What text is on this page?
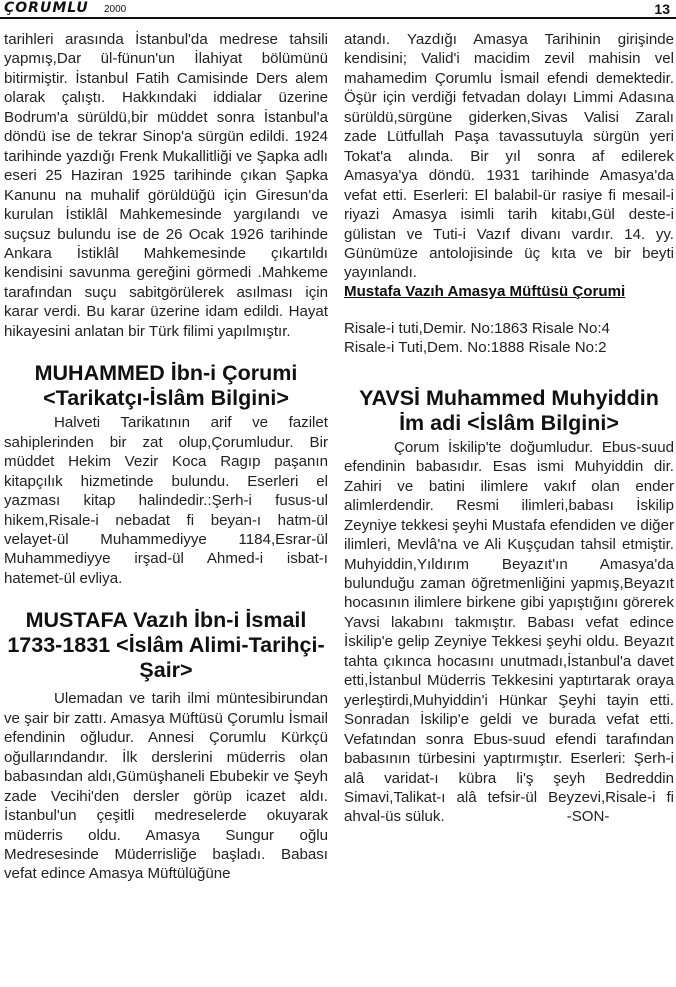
ÇORUMLU 2000	13

tarihleri arasında İstanbul'da medrese tahsili yapmış,Dar ül-fünun'un İlahiyat bölümünü bitirmiştir. İstanbul Fatih Camisinde Ders alem olarak çalıştı. Hakkındaki iddialar üzerine Bodrum'a sürüldü,bir müddet sonra İstanbul'a döndü ise de tekrar Sinop'a sürgün edildi. 1924 tarihinde yazdığı Frenk Mukallitliği ve Şapka adlı eseri 25 Haziran 1925 tarihinde çıkan Şapka Kanunu na muhalif görüldüğü için Giresun'da kurulan İstiklâl Mahkemesinde yargılandı ve suçsuz bulundu ise de 26 Ocak 1926 tarihinde Ankara İstiklâl Mahkemesinde çıkartıldı kendisini savunma gereğini görmedi .Mahkeme tarafından suçu sabitgörülerek asılması için karar verdi. Bu karar üzerine idam edildi. Hayat hikayesini anlatan bir Türk filimi yapılmıştır.

MUHAMMED İbn-i Çorumi <Tarikatçı-İslâm Bilgini>

Halveti Tarikatının arif ve fazilet sahiplerinden bir zat olup,Çorumludur. Bir müddet Hekim Vezir Koca Ragıp paşanın kitapçılık hizmetinde bulundu. Eserleri el yazması kitap halindedir.:Şerh-i fusus-ul hikem,Risale-i nebadat fi beyan-ı hatm-ül velayet-ül Muhammediyye 1184,Esrar-ül Muhammediyye irşad-ül Ahmed-i isbat-ı hatemet-ül evliya.

MUSTAFA Vazıh İbn-i İsmail 1733-1831 <İslâm Alimi-Tarihçi-Şair>

Ulemadan ve tarih ilmi müntesibirundan ve şair bir zattı. Amasya Müftüsü Çorumlu İsmail efendinin oğludur. Annesi Çorumlu Kürkçü oğullarındandır. İlk derslerini müderris olan babasından aldı,Gümüşhaneli Ebubekir ve Şeyh zade Vecihi'den dersler görüp icazet aldı. İstanbul'un çeşitli medreselerde okuyarak müderris oldu. Amasya Sungur oğlu Medresesinde Müderrisliğe başladı. Babası vefat edince Amasya Müftülüğüne

atandı. Yazdığı Amasya Tarihinin girişinde kendisini; Valid'i macidim zevil mahisin vel mahamedim Çorumlu İsmail efendi demektedir. Öşür için verdiği fetvadan dolayı Limmi Adasına sürüldü,sürgüne giderken,Sivas Valisi Zaralı zade Lütfullah Paşa tavassutuyla sürgün yeri Tokat'a alında. Bir yıl sonra af edilerek Amasya'ya döndü. 1931 tarihinde Amasya'da vefat etti. Eserleri: El balabil-ür rasiye fi mesail-i riyazi Amasya isimli tarih kitabı,Gül deste-i gülistan ve Tuti-i Vazıf divanı vardır. 14. yy. Günümüze antolojisinde üç kıta ve bir beyti yayınlandı.

Mustafa Vazıh Amasya Müftüsü Çorumi
Risale-i tuti,Demir. No:1863 Risale No:4
Risale-i Tuti,Dem. No:1888 Risale No:2
YAVSİ Muhammed Muhyiddin İm adi <İslâm Bilgini>

Çorum İskilip'te doğumludur. Ebus-suud efendinin babasıdır. Esas ismi Muhyiddin dir. Zahiri ve batini ilimlere vakıf olan ender alimlerdendir. Resmi ilimleri,babası İskilip Zeyniye tekkesi şeyhi Mustafa efendiden ve diğer ilimleri, Mevlâ'na ve Ali Kuşçudan tahsil etmiştir. Muhyiddin,Yıldırım Beyazıt'ın Amasya'da bulunduğu zaman öğretmenliğini yapmış,Beyazıt hocasının ilimlere birkene gibi yapıştığını görerek Yavsi lakabını takmıştır. Babası vefat edince İskilip'e gelip Zeyniye Tekkesi şeyhi oldu. Beyazıt tahta çıkınca hocasını unutmadı,İstanbul'a davet etti,İstanbul Müderris Tekkesini yaptırtarak oraya yerleştirdi,Muhyiddin'i Hünkar Şeyhi tayin etti. Sonradan İskilip'e geldi ve burada vefat etti. Vefatından sonra Ebus-suud efendi tarafından babasının türbesini yaptırmıştır. Eserleri: Şerh-i alâ varidat-ı kübra li'ş şeyh Bedreddin Simavi,Talikat-ı alâ tefsir-ül Beyzevi,Risale-i fi ahval-üs süluk.	-SON-
